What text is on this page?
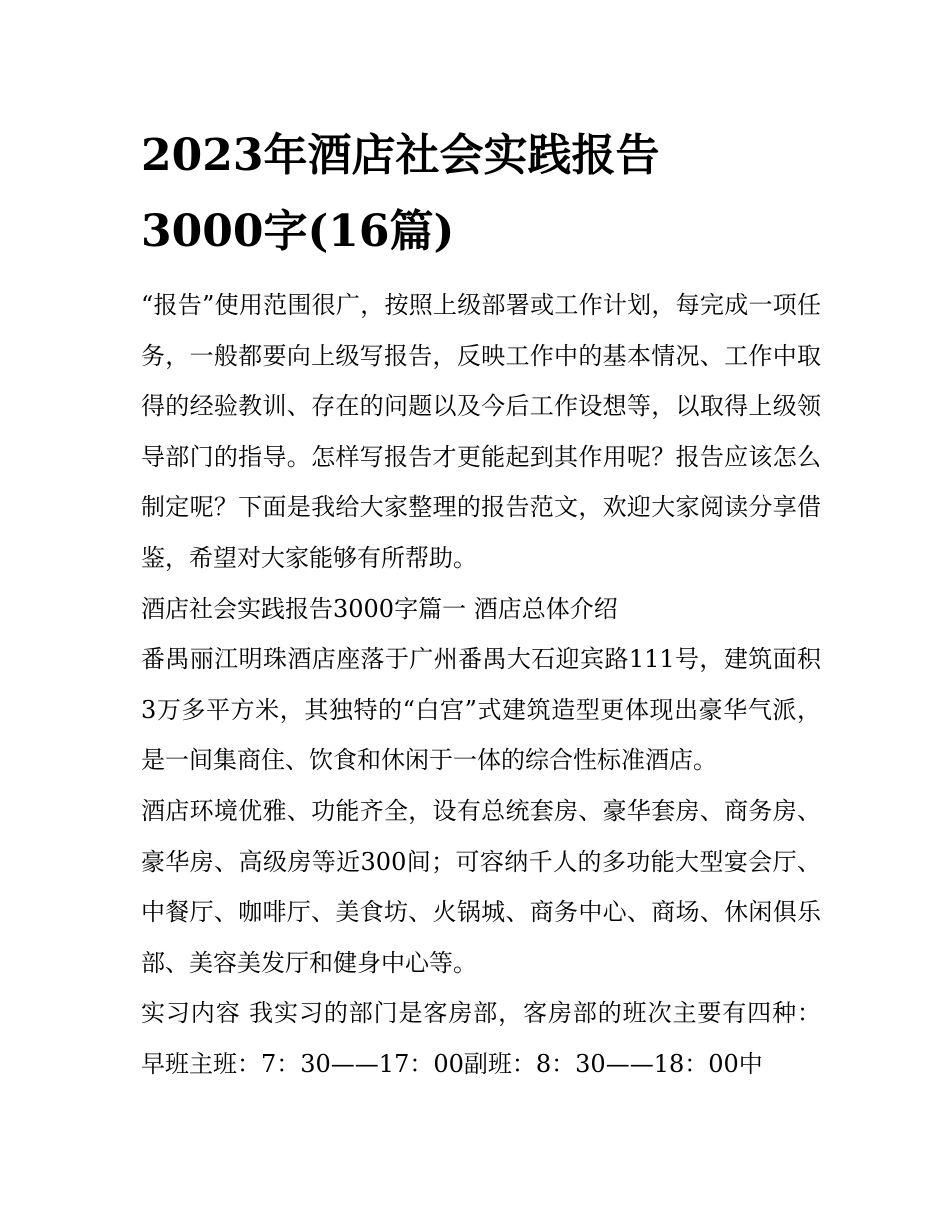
2023年酒店社会实践报告
3000字(16篇)

“报告”使用范围很广，按照上级部署或工作计划，每完成一项任务，一般都要向上级写报告，反映工作中的基本情况、工作中取得的经验教训、存在的问题以及今后工作设想等，以取得上级领导部门的指导。怎样写报告才更能起到其作用呢？报告应该怎么制定呢？下面是我给大家整理的报告范文，欢迎大家阅读分享借鉴，希望对大家能够有所帮助。

酒店社会实践报告3000字篇一 酒店总体介绍

番禺丽江明珠酒店座落于广州番禺大石迎宾路111号，建筑面积3万多平方米，其独特的“白宫”式建筑造型更体现出豪华气派，是一间集商住、饮食和休闲于一体的综合性标准酒店。

酒店环境优雅、功能齐全，设有总统套房、豪华套房、商务房、豪华房、高级房等近300间；可容纳千人的多功能大型宴会厅、中餐厅、咖啡厅、美食坊、火锅城、商务中心、商场、休闲俱乐部、美容美发厅和健身中心等。

实习内容 我实习的部门是客房部，客房部的班次主要有四种： 早班主班：7：30——17：00副班：8：30——18：00中
